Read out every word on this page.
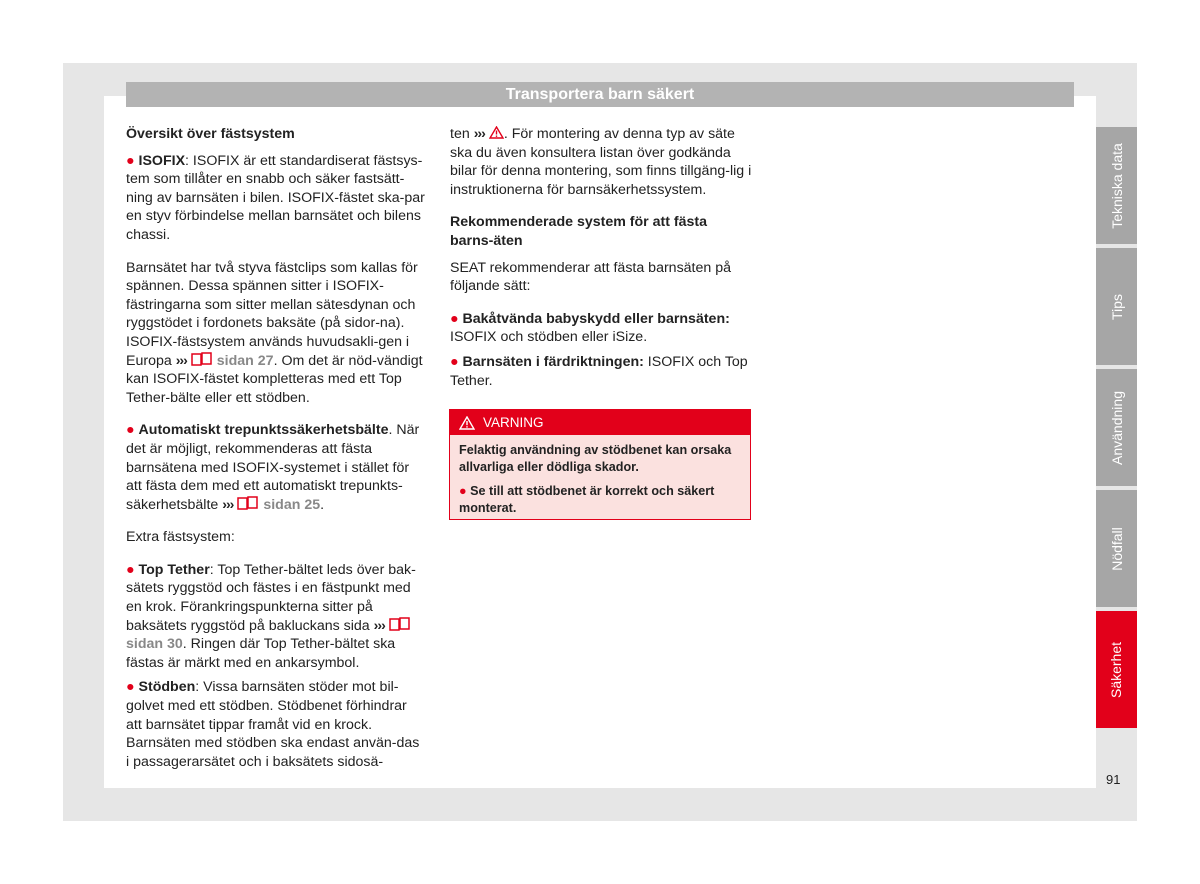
Transportera barn säkert

Översikt över fästsystem

● ISOFIX: ISOFIX är ett standardiserat fästsys-tem som tillåter en snabb och säker fastsätt-ning av barnsäten i bilen. ISOFIX-fästet ska-par en styv förbindelse mellan barnsätet och bilens chassi.

Barnsätet har två styva fästclips som kallas för spännen. Dessa spännen sitter i ISOFIX-fästringarna som sitter mellan sätesdynan och ryggstödet i fordonets baksäte (på sidor-na). ISOFIX-fästsystem används huvudsakli-gen i Europa ››› sidan 27. Om det är nöd-vändigt kan ISOFIX-fästet kompletteras med ett Top Tether-bälte eller ett stödben.

● Automatiskt trepunktssäkerhetsbälte. När det är möjligt, rekommenderas att fästa barnsätena med ISOFIX-systemet i stället för att fästa dem med ett automatiskt trepunkts-säkerhetsbälte ››› sidan 25.

Extra fästsystem:

● Top Tether: Top Tether-bältet leds över bak-sätets ryggstöd och fästes i en fästpunkt med en krok. Förankringspunkterna sitter på baksätets ryggstöd på bakluckans sida ›››  sidan 30. Ringen där Top Tether-bältet ska fästas är märkt med en ankarsymbol.

● Stödben: Vissa barnsäten stöder mot bil-golvet med ett stödben. Stödbenet förhindrar att barnsätet tippar framåt vid en krock. Barnsäten med stödben ska endast använ-das i passagerarsätet och i baksätets sidosä-

ten ››› . För montering av denna typ av säte ska du även konsultera listan över godkända bilar för denna montering, som finns tillgäng-lig i instruktionerna för barnsäkerhetssystem.

Rekommenderade system för att fästa barns-äten

SEAT rekommenderar att fästa barnsäten på följande sätt:

● Bakåtvända babyskydd eller barnsäten:
ISOFIX och stödben eller iSize.

● Barnsäten i färdriktningen: ISOFIX och Top Tether.

VARNING

Felaktig användning av stödbenet kan orsaka allvarliga eller dödliga skador.

● Se till att stödbenet är korrekt och säkert monterat.

Tekniska data
Tips
Användning
Nödfall
Säkerhet
91
